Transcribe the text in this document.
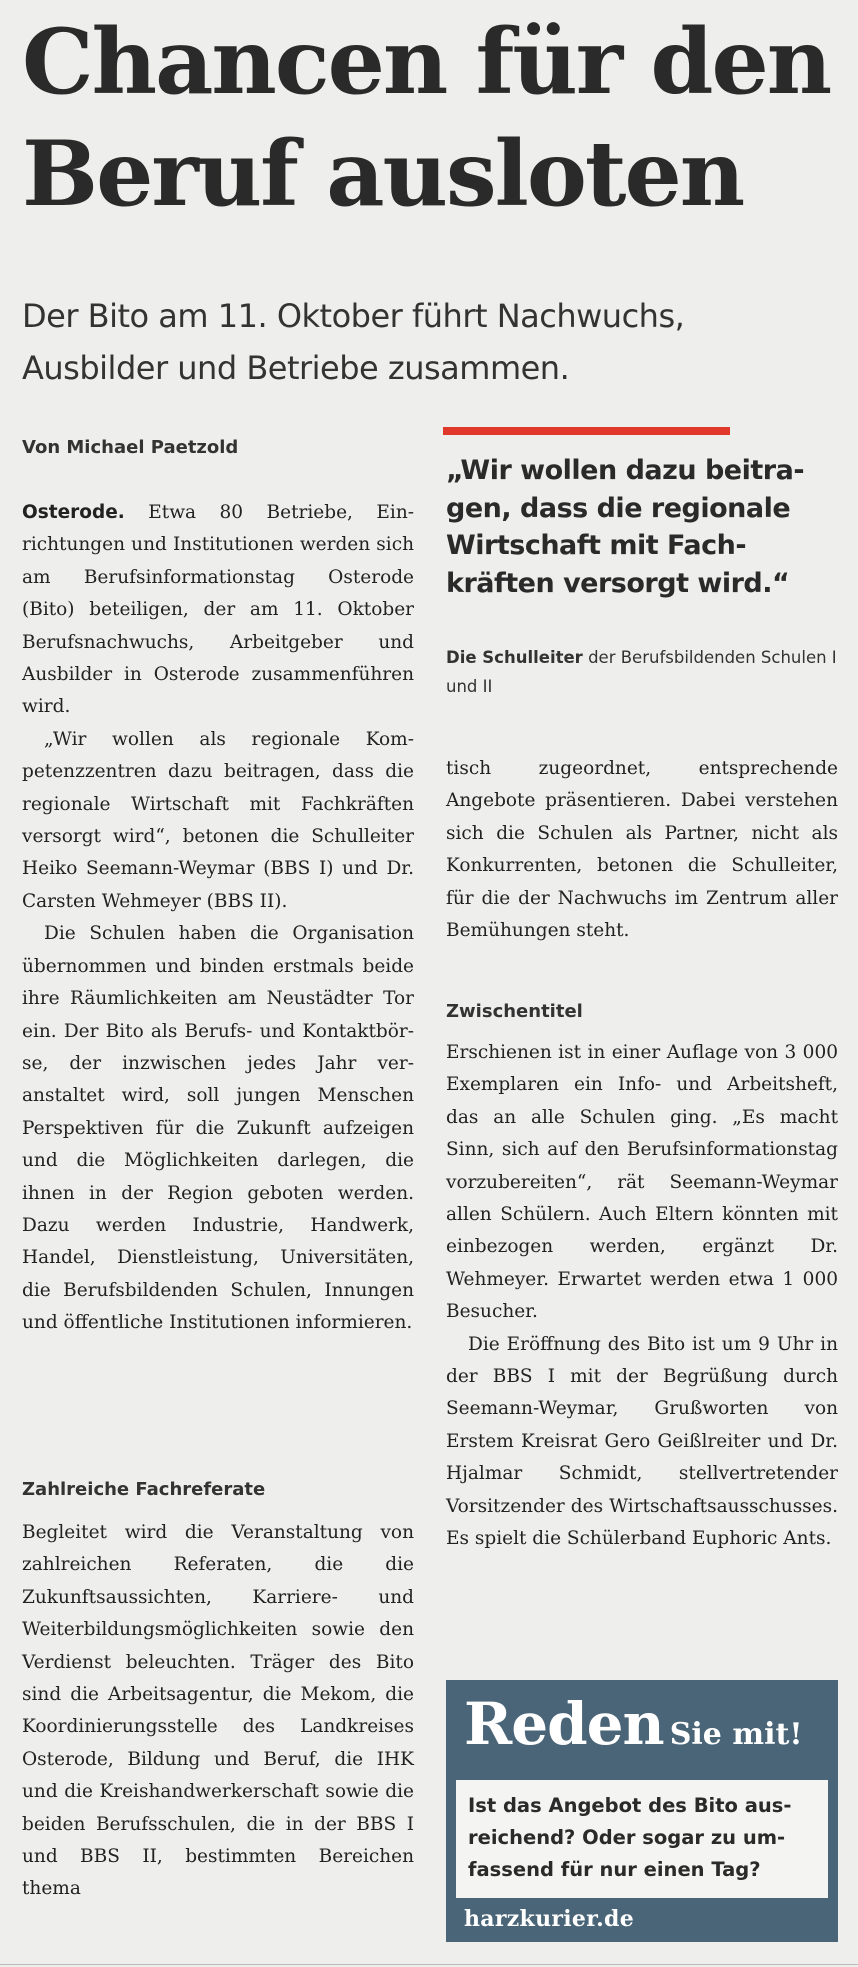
Chancen für den
Beruf ausloten
Der Bito am 11. Oktober führt Nachwuchs,
Ausbilder und Betriebe zusammen.
Von Michael Paetzold

Osterode. Etwa 80 Betriebe, Einrichtungen und Institutionen werden sich am Berufsinformationstag Osterode (Bito) beteiligen, der am 11. Oktober Berufsnachwuchs, Arbeitgeber und Ausbilder in Osterode zusammenführen wird.

„Wir wollen als regionale Kompetenzzentren dazu beitragen, dass die regionale Wirtschaft mit Fachkräften versorgt wird“, betonen die Schulleiter Heiko Seemann-Weymar (BBS I) und Dr. Carsten Wehmeyer (BBS II).

Die Schulen haben die Organisation übernommen und binden erstmals beide ihre Räumlichkeiten am Neustädter Tor ein. Der Bito als Berufs- und Kontaktbörse, der inzwischen jedes Jahr veranstaltet wird, soll jungen Menschen Perspektiven für die Zukunft aufzeigen und die Möglichkeiten darlegen, die ihnen in der Region geboten werden. Dazu werden Industrie, Handwerk, Handel, Dienstleistung, Universitäten, die Berufsbildenden Schulen, Innungen und öffentliche Institutionen informieren.

Zahlreiche Fachreferate

Begleitet wird die Veranstaltung von zahlreichen Referaten, die die Zukunftsaussichten, Karriere- und Weiterbildungsmöglichkeiten sowie den Verdienst beleuchten. Träger des Bito sind die Arbeitsagentur, die Mekom, die Koordinierungsstelle des Landkreises Osterode, Bildung und Beruf, die IHK und die Kreishandwerkerschaft sowie die beiden Berufsschulen, die in der BBS I und BBS II, bestimmten Bereichen thema

„Wir wollen dazu beitra-
gen, dass die regionale
Wirtschaft mit Fach-
kräften versorgt wird.“
Die Schulleiter der Berufsbildenden Schulen I und II

tisch zugeordnet, entsprechende Angebote präsentieren. Dabei verstehen sich die Schulen als Partner, nicht als Konkurrenten, betonen die Schulleiter, für die der Nachwuchs im Zentrum aller Bemühungen steht.

Zwischentitel

Erschienen ist in einer Auflage von 3 000 Exemplaren ein Info- und Arbeitsheft, das an alle Schulen ging. „Es macht Sinn, sich auf den Berufsinformationstag vorzubereiten“, rät Seemann-Weymar allen Schülern. Auch Eltern könnten mit einbezogen werden, ergänzt Dr. Wehmeyer. Erwartet werden etwa 1 000 Besucher.

Die Eröffnung des Bito ist um 9 Uhr in der BBS I mit der Begrüßung durch Seemann-Weymar, Grußworten von Erstem Kreisrat Gero Geißlreiter und Dr. Hjalmar Schmidt, stellvertretender Vorsitzender des Wirtschaftsausschusses. Es spielt die Schülerband Euphoric Ants.

Reden Sie mit!
Ist das Angebot des Bito aus-
reichend? Oder sogar zu um-
fassend für nur einen Tag?
harzkurier.de
